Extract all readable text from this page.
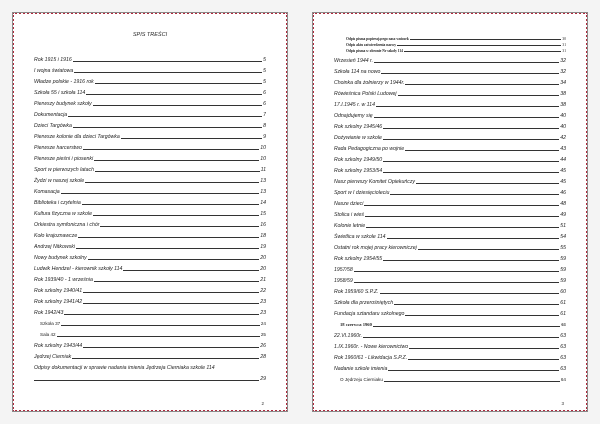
SPIS TREŚCI
Rok 1915 i 1916	5
I wojna światowa	5
Władze polskie - 1916 rok	5
Szkoła 55 i szkoła 114	6
Pierwszy budynek szkoły	6
Dokumentacja	7
Dzieci Targówka	8
Pierwsze kolonie dla dzieci Targówka	9
Pierwsze harcerstwo	10
Pierwsze pieśni i piosenki	10
Sport w pierwszych latach	11
Żydzi w naszej szkole	13
Komasacja	13
Biblioteka i czytelnia	14
Kultura fizyczna w szkole	15
Orkiestra symfoniczna i chór	16
Koło krajoznawcze	18
Andrzej Nitkowski	19
Nowy budynek szkolny	20
Ludwik Hendzel - kierownik szkoły 114	20
Rok 1939/40 - 1 września	21
Rok szkolny 1940/41	22
Rok szkolny 1941/42	23
Rok 1942/43	23
Szkoła 37	24
Sala 42	25
Rok szkolny 1943/44	26
Jędrzej Cierniak	28
Odpisy dokumentacji w sprawie nadania imienia Jędrzeja Cierniaka szkole 114
29
2
Odpis pisma popierającego nasz wniosek	30
Odpis aktu zatwierdzenia nazwy	31
Odpis pisma w obronie Nr szkoły 114	31
Wrzesień 1944 r.	32
Szkoła 114 na nowo	32
Choinka dla żołnierzy w 1944r.	34
Rówieśnica Polski Ludowej	38
17.I.1945 r. w 114	38
Odnajdujemy się	40
Rok szkolny 1945/46	40
Dożywianie w szkole	42
Rada Pedagogiczna po wojnie	43
Rok szkolny 1949/50	44
Rok szkolny 1953/54	45
Nasz pierwszy Komitet Opiekuńczy	45
Sport w I dziesięcioleciu	46
Nasze dzieci	48
Stolica i wieś	49
Kolonie letnie	51
Świetlica w szkole 114	54
Ostatni rok mojej pracy kierowniczej	55
Rok szkolny 1954/55	59
1957/58	59
1958/59	59
Rok 1959/60 S.P.Z.	60
Szkoła dla przerośniętych	61
Fundacja sztandaru szkolnego	61
18 czerwca 1960	61
22.VI.1960r.	63
1.IX.1960r. - Nowe kierownictwo	63
Rok 1960/61 - Likwidacja S.P.Z.	63
Nadanie szkole imienia	63
O Jędrzeju Cierniaku	64
3
